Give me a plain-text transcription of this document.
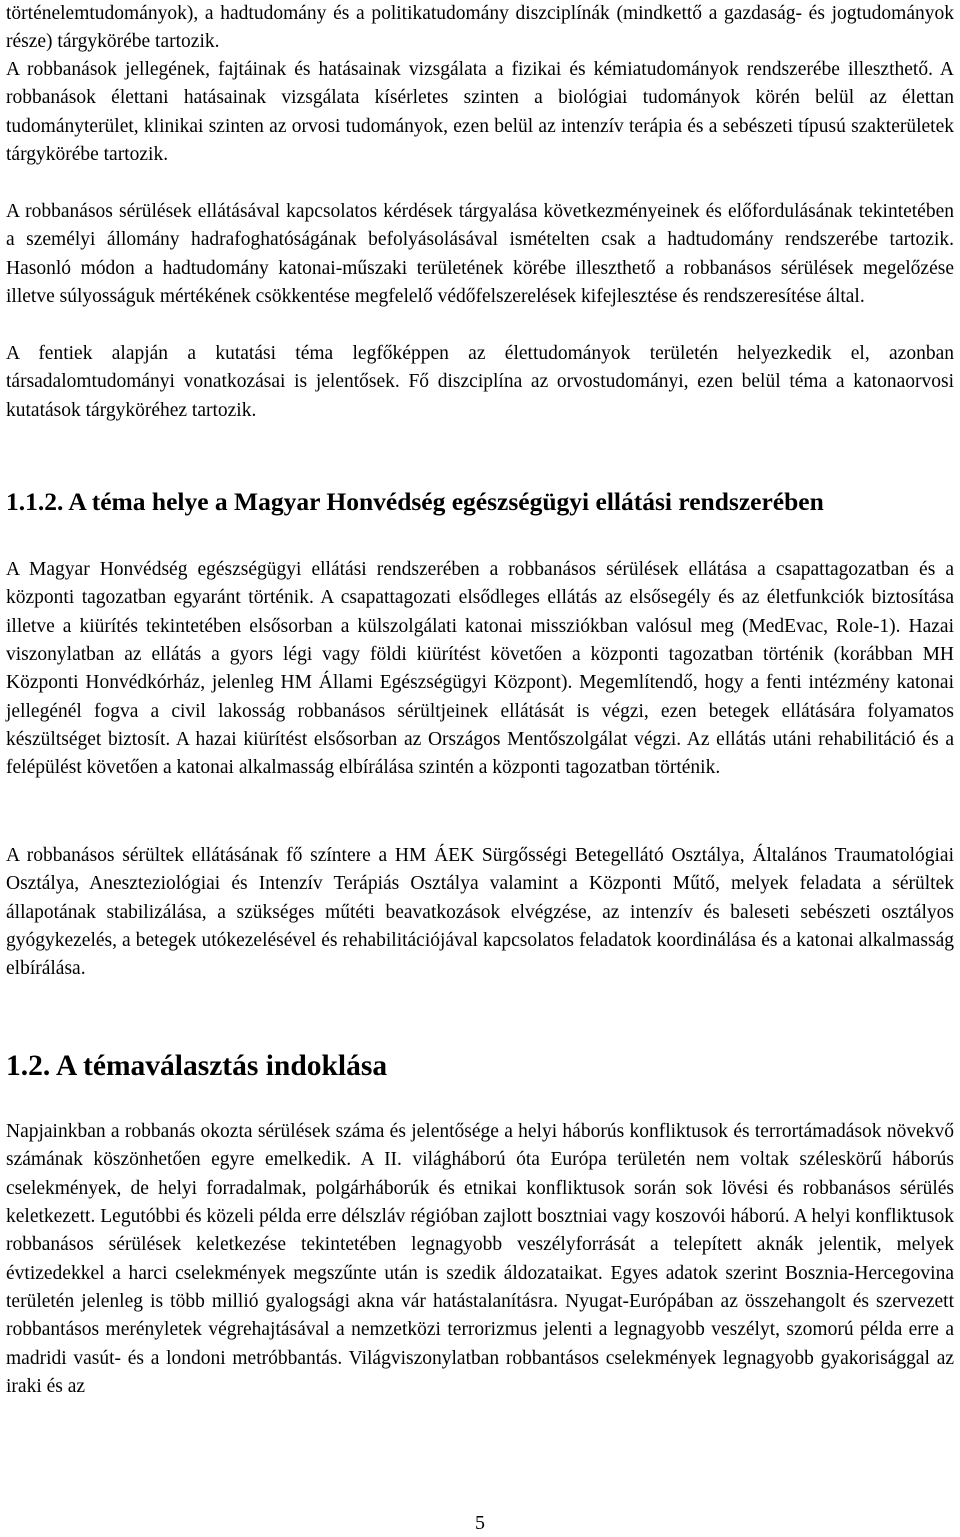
történelemtudományok), a hadtudomány és a politikatudomány diszciplínák (mindkettő a gazdaság- és jogtudományok része) tárgykörébe tartozik.

A robbanások jellegének, fajtáinak és hatásainak vizsgálata a fizikai és kémiatudományok rendszerébe illeszthető. A robbanások élettani hatásainak vizsgálata kísérletes szinten a biológiai tudományok körén belül az élettan tudományterület, klinikai szinten az orvosi tudományok, ezen belül az intenzív terápia és a sebészeti típusú szakterületek tárgykörébe tartozik.

A robbanásos sérülések ellátásával kapcsolatos kérdések tárgyalása következményeinek és előfordulásának tekintetében a személyi állomány hadrafoghatóságának befolyásolásával ismételten csak a hadtudomány rendszerébe tartozik. Hasonló módon a hadtudomány katonai-műszaki területének körébe illeszthető a robbanásos sérülések megelőzése illetve súlyosságuk mértékének csökkentése megfelelő védőfelszerelések kifejlesztése és rendszeresítése által.

A fentiek alapján a kutatási téma legfőképpen az élettudományok területén helyezkedik el, azonban társadalomtudományi vonatkozásai is jelentősek. Fő diszciplína az orvostudományi, ezen belül téma a katonaorvosi kutatások tárgyköréhez tartozik.

1.1.2. A téma helye a Magyar Honvédség egészségügyi ellátási rendszerében

A Magyar Honvédség egészségügyi ellátási rendszerében a robbanásos sérülések ellátása a csapattagozatban és a központi tagozatban egyaránt történik. A csapattagozati elsődleges ellátás az elsősegély és az életfunkciók biztosítása illetve a kiürítés tekintetében elsősorban a külszolgálati katonai missziókban valósul meg (MedEvac, Role-1). Hazai viszonylatban az ellátás a gyors légi vagy földi kiürítést követően a központi tagozatban történik (korábban MH Központi Honvédkórház, jelenleg HM Állami Egészségügyi Központ). Megemlítendő, hogy a fenti intézmény katonai jellegénél fogva a civil lakosság robbanásos sérültjeinek ellátását is végzi, ezen betegek ellátására folyamatos készültséget biztosít. A hazai kiürítést elsősorban az Országos Mentőszolgálat végzi. Az ellátás utáni rehabilitáció és a felépülést követően a katonai alkalmasság elbírálása szintén a központi tagozatban történik.

A robbanásos sérültek ellátásának fő színtere a HM ÁEK Sürgősségi Betegellátó Osztálya, Általános Traumatológiai Osztálya, Aneszteziológiai és Intenzív Terápiás Osztálya valamint a Központi Műtő, melyek feladata a sérültek állapotának stabilizálása, a szükséges műtéti beavatkozások elvégzése, az intenzív és baleseti sebészeti osztályos gyógykezelés, a betegek utókezelésével és rehabilitációjával kapcsolatos feladatok koordinálása és a katonai alkalmasság elbírálása.

1.2. A témaválasztás indoklása

Napjainkban a robbanás okozta sérülések száma és jelentősége a helyi háborús konfliktusok és terrortámadások növekvő számának köszönhetően egyre emelkedik. A II. világháború óta Európa területén nem voltak széleskörű háborús cselekmények, de helyi forradalmak, polgárháborúk és etnikai konfliktusok során sok lövési és robbanásos sérülés keletkezett. Legutóbbi és közeli példa erre délszláv régióban zajlott bosztniai vagy koszovói háború. A helyi konfliktusok robbanásos sérülések keletkezése tekintetében legnagyobb veszélyforrását a telepített aknák jelentik, melyek évtizedekkel a harci cselekmények megszűnte után is szedik áldozataikat. Egyes adatok szerint Bosznia-Hercegovina területén jelenleg is több millió gyalogsági akna vár hatástalanításra. Nyugat-Európában az összehangolt és szervezett robbantásos merényletek végrehajtásával a nemzetközi terrorizmus jelenti a legnagyobb veszélyt, szomorú példa erre a madridi vasút- és a londoni metróbbantás. Világviszonylatban robbantásos cselekmények legnagyobb gyakorisággal az iraki és az

5
